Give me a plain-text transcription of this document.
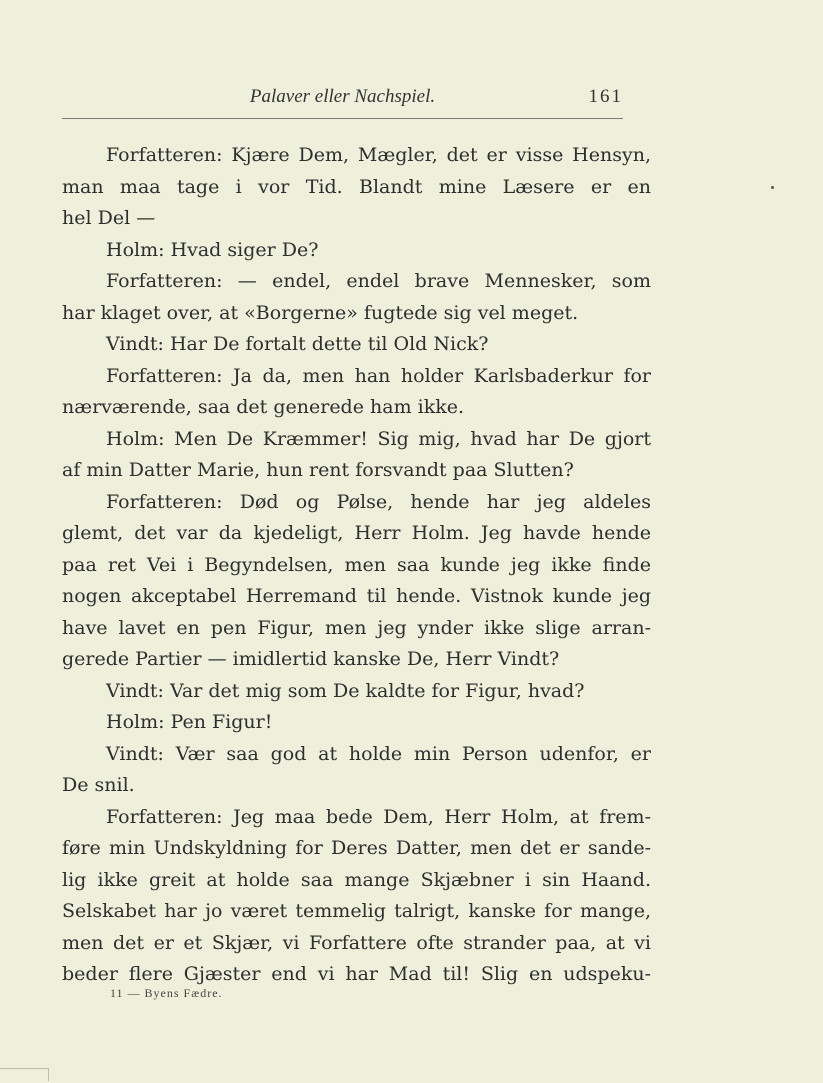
Palaver eller Nachspiel.	161
Forfatteren: Kjære Dem, Mægler, det er visse Hensyn,
man maa tage i vor Tid. Blandt mine Læsere er en
hel Del —
Holm: Hvad siger De?
Forfatteren: — endel, endel brave Mennesker, som
har klaget over, at «Borgerne» fugtede sig vel meget.
Vindt: Har De fortalt dette til Old Nick?
Forfatteren: Ja da, men han holder Karlsbaderkur for
nærværende, saa det generede ham ikke.
Holm: Men De Kræmmer! Sig mig, hvad har De gjort
af min Datter Marie, hun rent forsvandt paa Slutten?
Forfatteren: Død og Pølse, hende har jeg aldeles
glemt, det var da kjedeligt, Herr Holm. Jeg havde hende
paa ret Vei i Begyndelsen, men saa kunde jeg ikke finde
nogen akceptabel Herremand til hende. Vistnok kunde jeg
have lavet en pen Figur, men jeg ynder ikke slige arran-
gerede Partier — imidlertid kanske De, Herr Vindt?
Vindt: Var det mig som De kaldte for Figur, hvad?
Holm: Pen Figur!
Vindt: Vær saa god at holde min Person udenfor, er
De snil.
Forfatteren: Jeg maa bede Dem, Herr Holm, at frem-
føre min Undskyldning for Deres Datter, men det er sande-
lig ikke greit at holde saa mange Skjæbner i sin Haand.
Selskabet har jo været temmelig talrigt, kanske for mange,
men det er et Skjær, vi Forfattere ofte strander paa, at vi
beder flere Gjæster end vi har Mad til! Slig en udspeku-
11 — Byens Fædre.
